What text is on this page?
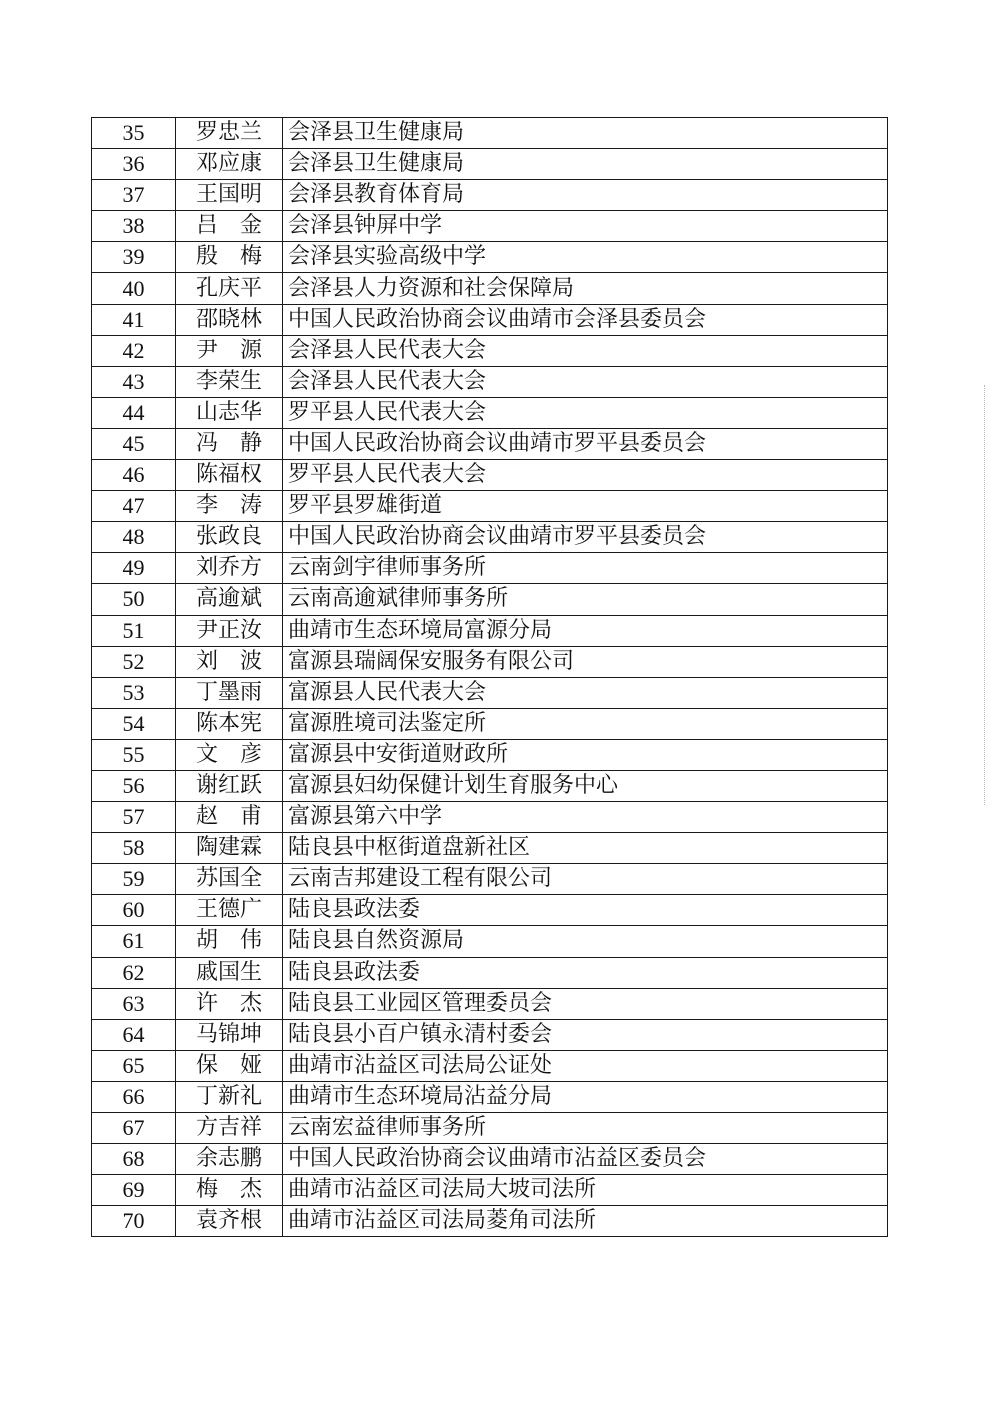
35	罗忠兰	会泽县卫生健康局
36	邓应康	会泽县卫生健康局
37	王国明	会泽县教育体育局
38	吕　金	会泽县钟屏中学
39	殷　梅	会泽县实验高级中学
40	孔庆平	会泽县人力资源和社会保障局
41	邵晓林	中国人民政治协商会议曲靖市会泽县委员会
42	尹　源	会泽县人民代表大会
43	李荣生	会泽县人民代表大会
44	山志华	罗平县人民代表大会
45	冯　静	中国人民政治协商会议曲靖市罗平县委员会
46	陈福权	罗平县人民代表大会
47	李　涛	罗平县罗雄街道
48	张政良	中国人民政治协商会议曲靖市罗平县委员会
49	刘乔方	云南剑宇律师事务所
50	高逾斌	云南高逾斌律师事务所
51	尹正汝	曲靖市生态环境局富源分局
52	刘　波	富源县瑞阔保安服务有限公司
53	丁墨雨	富源县人民代表大会
54	陈本宪	富源胜境司法鉴定所
55	文　彦	富源县中安街道财政所
56	谢红跃	富源县妇幼保健计划生育服务中心
57	赵　甫	富源县第六中学
58	陶建霖	陆良县中枢街道盘新社区
59	苏国全	云南吉邦建设工程有限公司
60	王德广	陆良县政法委
61	胡　伟	陆良县自然资源局
62	戚国生	陆良县政法委
63	许　杰	陆良县工业园区管理委员会
64	马锦坤	陆良县小百户镇永清村委会
65	保　娅	曲靖市沾益区司法局公证处
66	丁新礼	曲靖市生态环境局沾益分局
67	方吉祥	云南宏益律师事务所
68	余志鹏	中国人民政治协商会议曲靖市沾益区委员会
69	梅　杰	曲靖市沾益区司法局大坡司法所
70	袁齐根	曲靖市沾益区司法局菱角司法所
